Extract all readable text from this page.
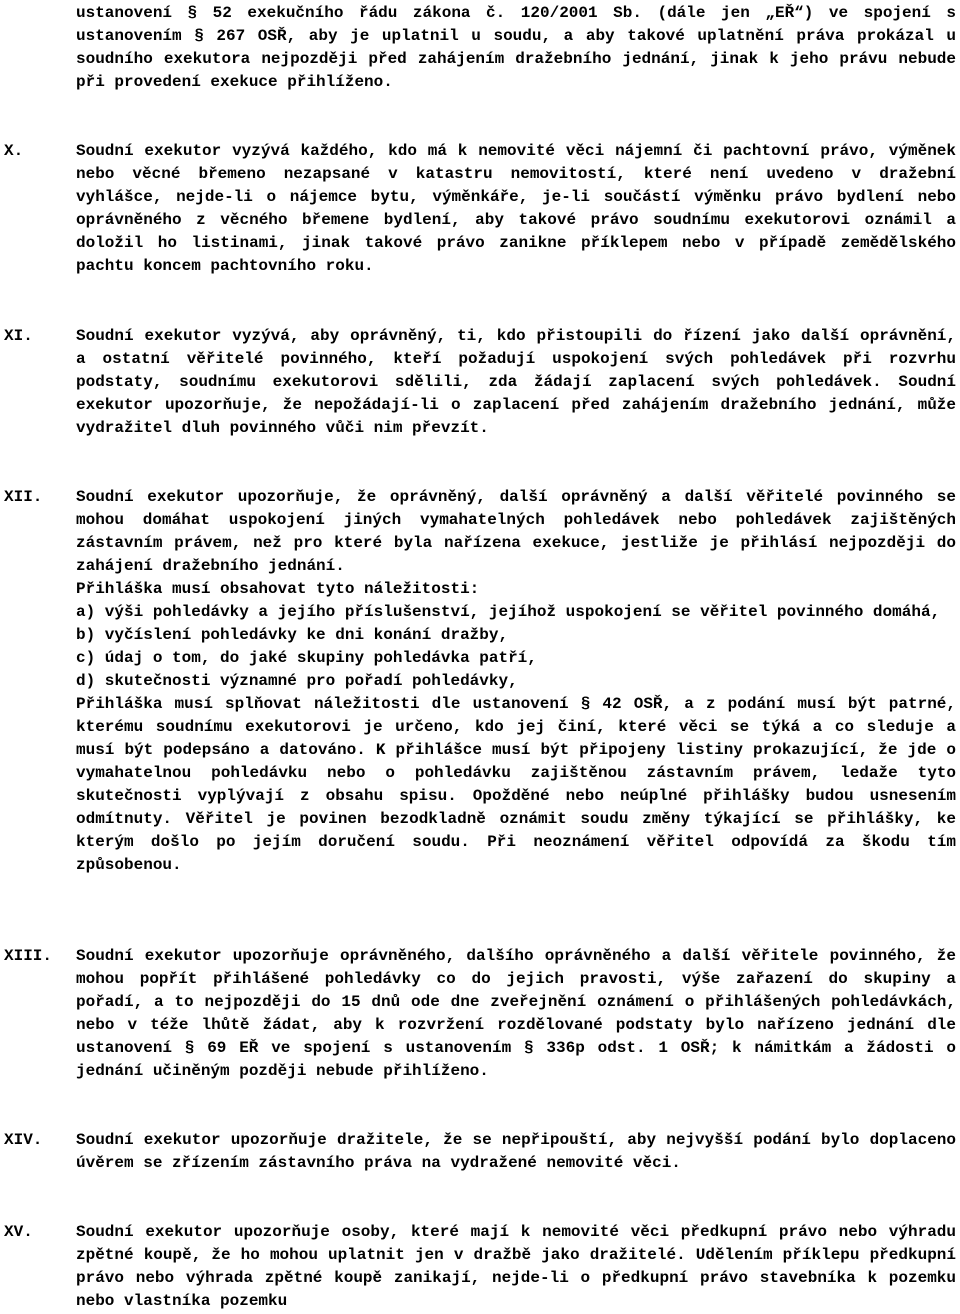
ustanovení § 52 exekučního řádu zákona č. 120/2001 Sb. (dále jen „EŘ“) ve spojení s ustanovením § 267 OSŘ, aby je uplatnil u soudu, a aby takové uplatnění práva prokázal u soudního exekutora nejpozději před zahájením dražebního jednání, jinak k jeho právu nebude při provedení exekuce přihlíženo.

X.	Soudní exekutor vyzývá každého, kdo má k nemovité věci nájemní či pachtovní právo, výměnek nebo věcné břemeno nezapsané v katastru nemovitostí, které není uvedeno v dražební vyhlášce, nejde-li o nájemce bytu, výměnkáře, je-li součástí výměnku právo bydlení nebo oprávněného z věcného břemene bydlení, aby takové právo soudnímu exekutorovi oznámil a doložil ho listinami, jinak takové právo zanikne příklepem nebo v případě zemědělského pachtu koncem pachtovního roku.

XI.	Soudní exekutor vyzývá, aby oprávněný, ti, kdo přistoupili do řízení jako další oprávnění, a ostatní věřitelé povinného, kteří požadují uspokojení svých pohledávek při rozvrhu podstaty, soudnímu exekutorovi sdělili, zda žádají zaplacení svých pohledávek. Soudní exekutor upozorňuje, že nepožádají-li o zaplacení před zahájením dražebního jednání, může vydražitel dluh povinného vůči nim převzít.

XII. Soudní exekutor upozorňuje, že oprávněný, další oprávněný a další věřitelé povinného se mohou domáhat uspokojení jiných vymahatelných pohledávek nebo pohledávek zajištěných zástavním právem, než pro které byla nařízena exekuce, jestliže je přihlásí nejpozději do zahájení dražebního jednání.

Přihláška musí obsahovat tyto náležitosti:

a) výši pohledávky a jejího příslušenství, jejíhož uspokojení se věřitel povinného domáhá,
b) vyčíslení pohledávky ke dni konání dražby,
c) údaj o tom, do jaké skupiny pohledávka patří,
d) skutečnosti významné pro pořadí pohledávky,

Přihláška musí splňovat náležitosti dle ustanovení § 42 OSŘ, a z podání musí být patrné, kterému soudnímu exekutorovi je určeno, kdo jej činí, které věci se týká a co sleduje a musí být podepsáno a datováno. K přihlášce musí být připojeny listiny prokazující, že jde o vymahatelnou pohledávku nebo o pohledávku zajištěnou zástavním právem, ledaže tyto skutečnosti vyplývají z obsahu spisu. Opožděné nebo neúplné přihlášky budou usnesením odmítnuty. Věřitel je povinen bezodkladně oznámit soudu změny týkající se přihlášky, ke kterým došlo po jejím doručení soudu. Při neoznámení věřitel odpovídá za škodu tím způsobenou.

XIII. Soudní exekutor upozorňuje oprávněného, dalšího oprávněného a další věřitele povinného, že mohou popřít přihlášené pohledávky co do jejich pravosti, výše zařazení do skupiny a pořadí, a to nejpozději do 15 dnů ode dne zveřejnění oznámení o přihlášených pohledávkách, nebo v téže lhůtě žádat, aby k rozvržení rozdělované podstaty bylo nařízeno jednání dle ustanovení § 69 EŘ ve spojení s ustanovením § 336p odst. 1 OSŘ; k námitkám a žádosti o jednání učiněným později nebude přihlíženo.

XIV. Soudní exekutor upozorňuje dražitele, že se nepřipouští, aby nejvyšší podání bylo doplaceno úvěrem se zřízením zástavního práva na vydražené nemovité věci.

XV.	Soudní exekutor upozorňuje osoby, které mají k nemovité věci předkupní právo nebo výhradu zpětné koupě, že ho mohou uplatnit jen v dražbě jako dražitelé. Udělením příklepu předkupní právo nebo výhrada zpětné koupě zanikají, nejde-li o předkupní právo stavebníka k pozemku nebo vlastníka pozemku
